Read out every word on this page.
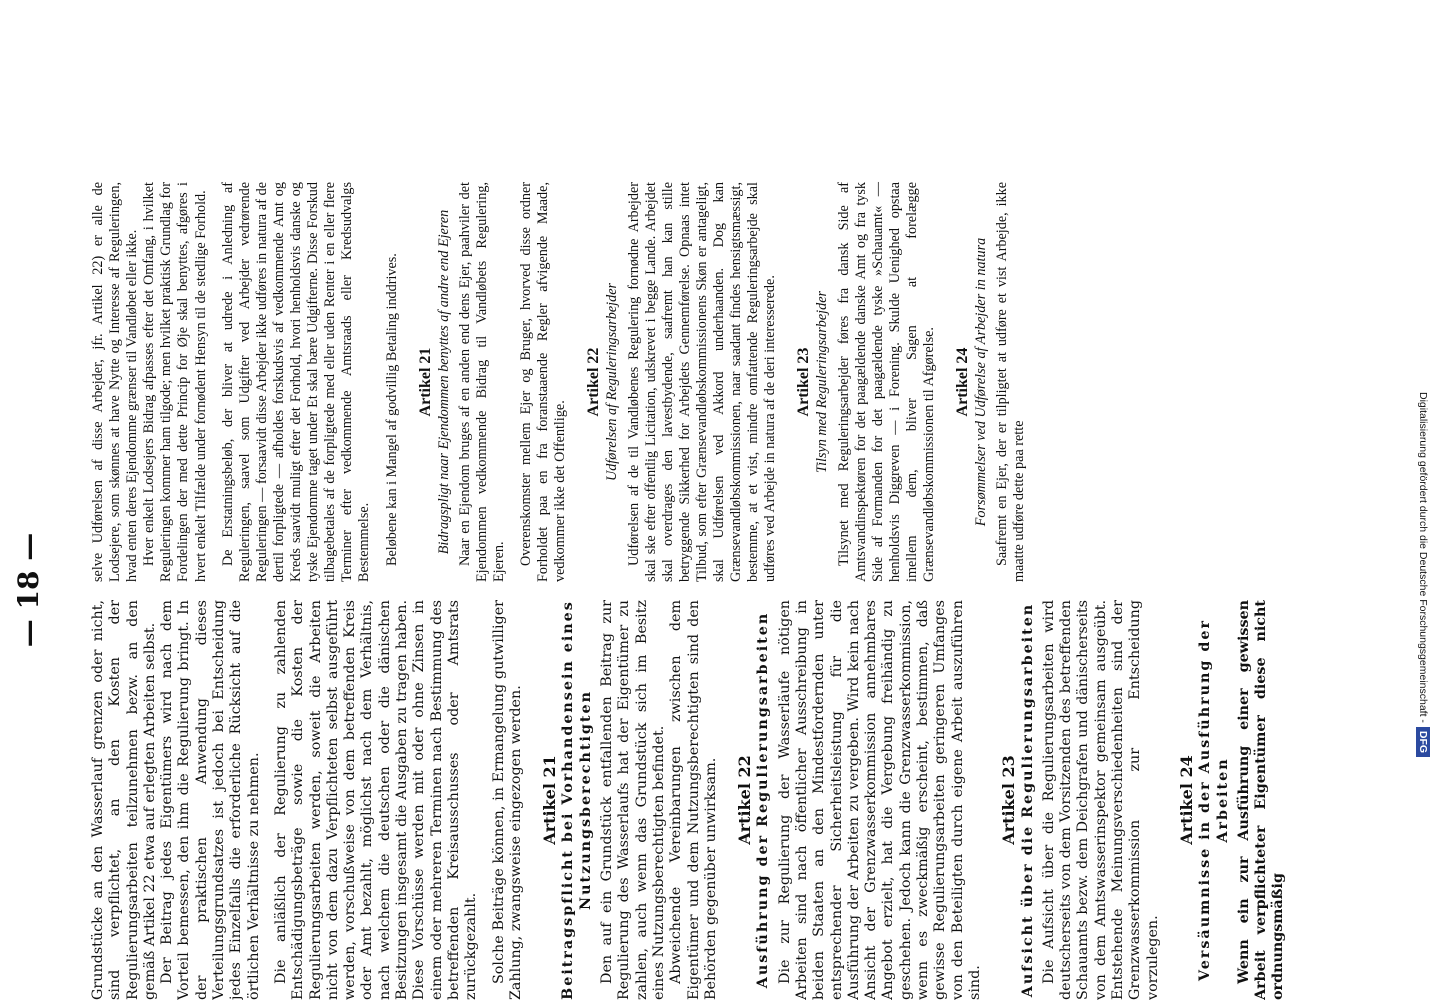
— 18 —

Grundstücke an den Wasserlauf grenzen oder nicht, sind verpflichtet, an den Kosten der Regulierungsarbeiten teilzunehmen bezw. an den gemäß Artikel 22 etwa auf erlegten Arbeiten selbst. Der Beitrag jedes Eigentümers wird nach dem Vorteil bemessen, den ihm die Regulierung bringt. In der praktischen Anwendung dieses Verteilungsgrundsatzes ist jedoch bei Entscheidung jedes Einzelfalls die erforderliche Rücksicht auf die örtlichen Verhältnisse zu nehmen. Die anläßlich der Regulierung zu zahlenden Entschädigungsbeträge sowie die Kosten der Regulierungsarbeiten werden, soweit die Arbeiten nicht von dem dazu Verpflichteten selbst ausgeführt werden, vorschußweise von dem betreffenden Kreis oder Amt bezahlt, möglichst nach dem Verhältnis, nach welchem die deutschen oder die dänischen Besitzungen insgesamt die Ausgaben zu tragen haben. Diese Vorschüsse werden mit oder ohne Zinsen in einem oder mehreren Terminen nach Bestimmung des betreffenden Kreisausschusses oder Amtsrats zurückgezahlt. Solche Beiträge können, in Ermangelung gutwilliger Zahlung, zwangsweise eingezogen werden. Artikel 21 Beitragspflicht bei Vorhandensein eines Nutzungsberechtigten Den auf ein Grundstück entfallenden Beitrag zur Regulierung des Wasserlaufs hat der Eigentümer zu zahlen, auch wenn das Grundstück sich im Besitz eines Nutzungsberechtigten befindet. Abweichende Vereinbarungen zwischen dem Eigentümer und dem Nutzungsberechtigten sind den Behörden gegenüber unwirksam. Artikel 22 Ausführung der Regulierungsarbeiten Die zur Regulierung der Wasserläufe nötigen Arbeiten sind nach öffentlicher Ausschreibung in beiden Staaten an den Mindestfordernden unter entsprechender Sicherheitsleistung für die Ausführung der Arbeiten zu vergeben. Wird kein nach Ansicht der Grenzwasserkommission annehmbares Angebot erzielt, hat die Vergebung freihändig zu geschehen. Jedoch kann die Grenzwasserkommission, wenn es zweckmäßig erscheint, bestimmen, daß gewisse Regulierungsarbeiten geringeren Umfanges von den Beteiligten durch eigene Arbeit auszuführen sind.

Artikel 23 Aufsicht über die Regulierungsarbeiten Die Aufsicht über die Regulierungsarbeiten wird deutscherseits von dem Vorsitzenden des betreffenden Schauamts bezw. dem Deichgrafen und dänischerseits von dem Amtswasserinspektor gemeinsam ausgeübt. Entstehende Meinungsverschiedenheiten sind der Grenzwasserkommission zur Entscheidung vorzulegen.

Artikel 24 Versäumnisse in der Ausführung der Arbeiten Wenn ein zur Ausführung einer gewissen Arbeit verpflichteter Eigentümer diese nicht ordnungsmäßig

selve Udførelsen af disse Arbejder, jfr. Artikel 22) er alle de Lodsejere, som skønnes at have Nytte og Interesse af Reguleringen, hvad enten deres Ejendomme grænser til Vandløbet eller ikke. Hver enkelt Lodsejers Bidrag afpasses efter det Omfang, i hvilket Reguleringen kommer ham tilgode; men hvilket praktisk Grundlag for Fordelingen der med dette Princip for Øje skal benyttes, afgøres i hvert enkelt Tilfælde under fornødent Hensyn til de stedlige Forhold. De Erstatningsbeløb, der bliver at udrede i Anledning af Reguleringen, saavel som Udgifter ved Arbejder vedrørende Reguleringen — forsaavidt disse Arbejder ikke udføres in natura af de dertil forpligtede — afholdes forskudsvis af vedkommende Amt og Kreds saavidt muligt efter det Forhold, hvori henholdsvis danske og tyske Ejendomme taget under Et skal bære Udgifterne. Disse Forskud tilbagebetales af de forpligtede med eller uden Renter i en eller flere Terminer efter vedkommende Amtsraads eller Kredsudvalgs Bestemmelse. Beløbene kan i Mangel af godvillig Betaling inddrives. Artikel 21 Bidragspligt naar Ejendommen benyttes af andre end Ejeren Naar en Ejendom bruges af en anden end dens Ejer, paahviler det Ejendommen vedkommende Bidrag til Vandløbets Regulering, Ejeren. Overenskomster mellem Ejer og Bruger, hvorved disse ordner Forholdet paa en fra foranstaaende Regler afvigende Maade, vedkommer ikke det Offentlige.

Artikel 22 Udførelsen af Reguleringsarbejder Udførelsen af de til Vandløbenes Regulering fornødne Arbejder skal ske efter offentlig Licitation, udskrevet i begge Lande. Arbejdet skal overdrages den lavestbydende, saafremt han kan stille betryggende Sikkerhed for Arbejdets Gennemførelse. Opnaas intet Tilbud, som efter Grænsevandløbskommissionens Skøn er antageligt, skal Udførelsen ved Akkord underhaanden. Dog kan Grænsevandløbskommissionen, naar saadant findes hensigtsmæssigt, bestemme, at et vist, mindre omfattende Reguleringsarbejde skal udføres ved Arbejde in natura af de deri interesserede. Artikel 23 Tilsyn med Reguleringsarbejder Tilsynet med Reguleringsarbejder føres fra dansk Side af Amtsvandinspektøren for det paagældende danske Amt og fra tysk Side af Formanden for det paagældende tyske »Schauamt« — henholdsvis Diggreven — i Forening. Skulde Uenighed opstaa imellem dem, bliver Sagen at forelægge Grænsevandløbskommissionen til Afgørelse. Artikel 24 Forsømmelser ved Udførelse af Arbejder in natura Saafremt en Ejer, der er tilpligtet at udføre et vist Arbejde, ikke maatte udføre dette paa rette	Digitalisierung gefördert durch die Deutsche Forschungsgemeinschaft -DFG
